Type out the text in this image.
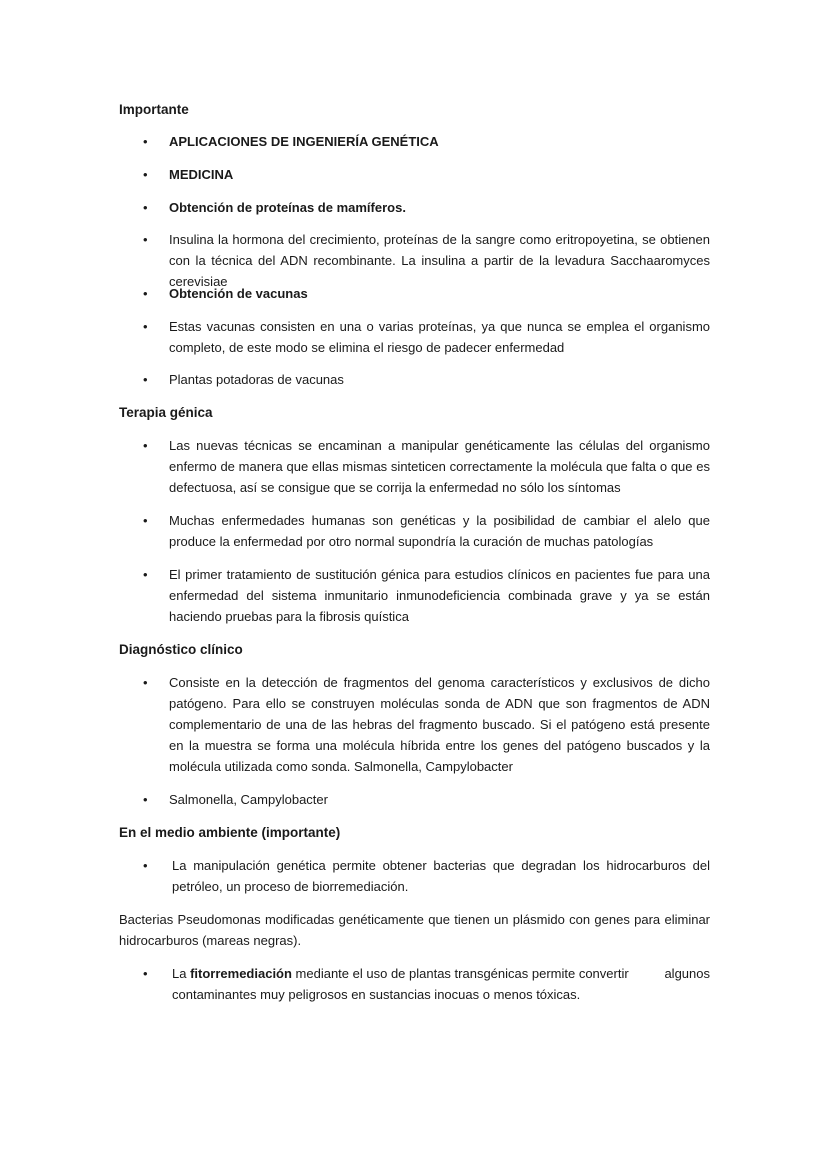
Importante
•
APLICACIONES DE INGENIERÍA GENÉTICA
•
MEDICINA
•
Obtención de proteínas de mamíferos.
•
Insulina la hormona del crecimiento, proteínas de la sangre como eritropoyetina, se obtienen con la técnica del ADN recombinante. La insulina a partir de la levadura Sacchaaromyces cerevisiae
•
Obtención de vacunas
•
Estas vacunas consisten en una o varias proteínas, ya que nunca se emplea el organismo completo, de este modo se elimina el riesgo de padecer enfermedad
•
Plantas potadoras de vacunas
Terapia génica
•
Las nuevas técnicas se encaminan a manipular genéticamente las células del organismo enfermo de manera que ellas mismas sinteticen correctamente la molécula que falta o que es defectuosa, así se consigue que se corrija la enfermedad no sólo los síntomas
•
Muchas enfermedades humanas son genéticas y la posibilidad de cambiar el alelo que produce la enfermedad por otro normal supondría la curación de muchas patologías
•
El primer tratamiento de sustitución génica para estudios clínicos en pacientes fue para una enfermedad del sistema inmunitario inmunodeficiencia combinada grave y ya se están haciendo pruebas para la fibrosis quística
Diagnóstico clínico
•
Consiste en la detección de fragmentos del genoma característicos y exclusivos de dicho patógeno. Para ello se construyen moléculas sonda de ADN que son fragmentos de ADN complementario de una de las hebras del fragmento buscado. Si el patógeno está presente en la muestra se forma una molécula híbrida entre los genes del patógeno buscados y la molécula utilizada como sonda. Salmonella, Campylobacter
•
Salmonella, Campylobacter
En el medio ambiente (importante)
•
La manipulación genética permite obtener bacterias que degradan los hidrocarburos del petróleo, un proceso de biorremediación.
Bacterias Pseudomonas modificadas genéticamente que tienen un plásmido con genes para eliminar hidrocarburos (mareas negras).
•
La fitorremediación mediante el uso de plantas transgénicas permite convertir	algunos
contaminantes muy peligrosos en sustancias inocuas o menos tóxicas.
